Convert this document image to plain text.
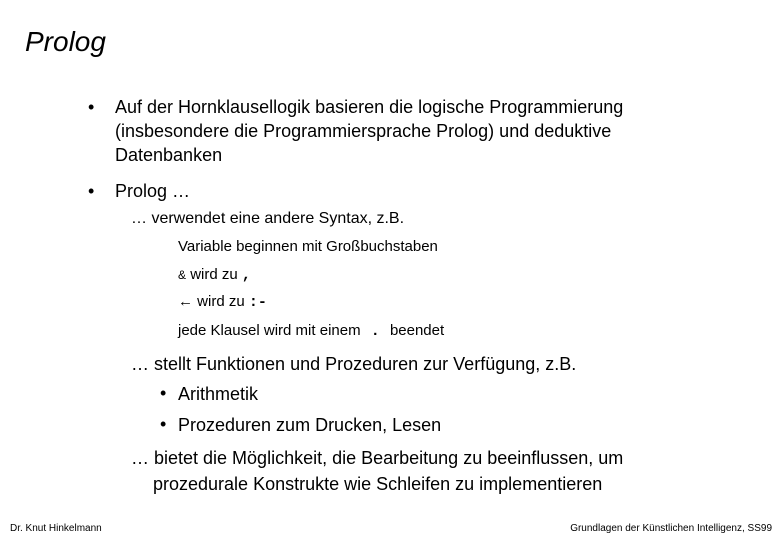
Prolog
• Auf der Hornklausellogik basieren die logische Programmierung
(insbesondere die Programmiersprache Prolog) und deduktive
Datenbanken
• Prolog …
… verwendet eine andere Syntax, z.B.
Variable beginnen mit Großbuchstaben
& wird zu ,
← wird zu :-
jede Klausel wird mit einem . beendet
… stellt Funktionen und Prozeduren zur Verfügung, z.B.
• Arithmetik
• Prozeduren zum Drucken, Lesen
… bietet die Möglichkeit, die Bearbeitung zu beeinflussen, um
prozedurale Konstrukte wie Schleifen zu implementieren
Dr. Knut Hinkelmann	Grundlagen der Künstlichen Intelligenz, SS99
